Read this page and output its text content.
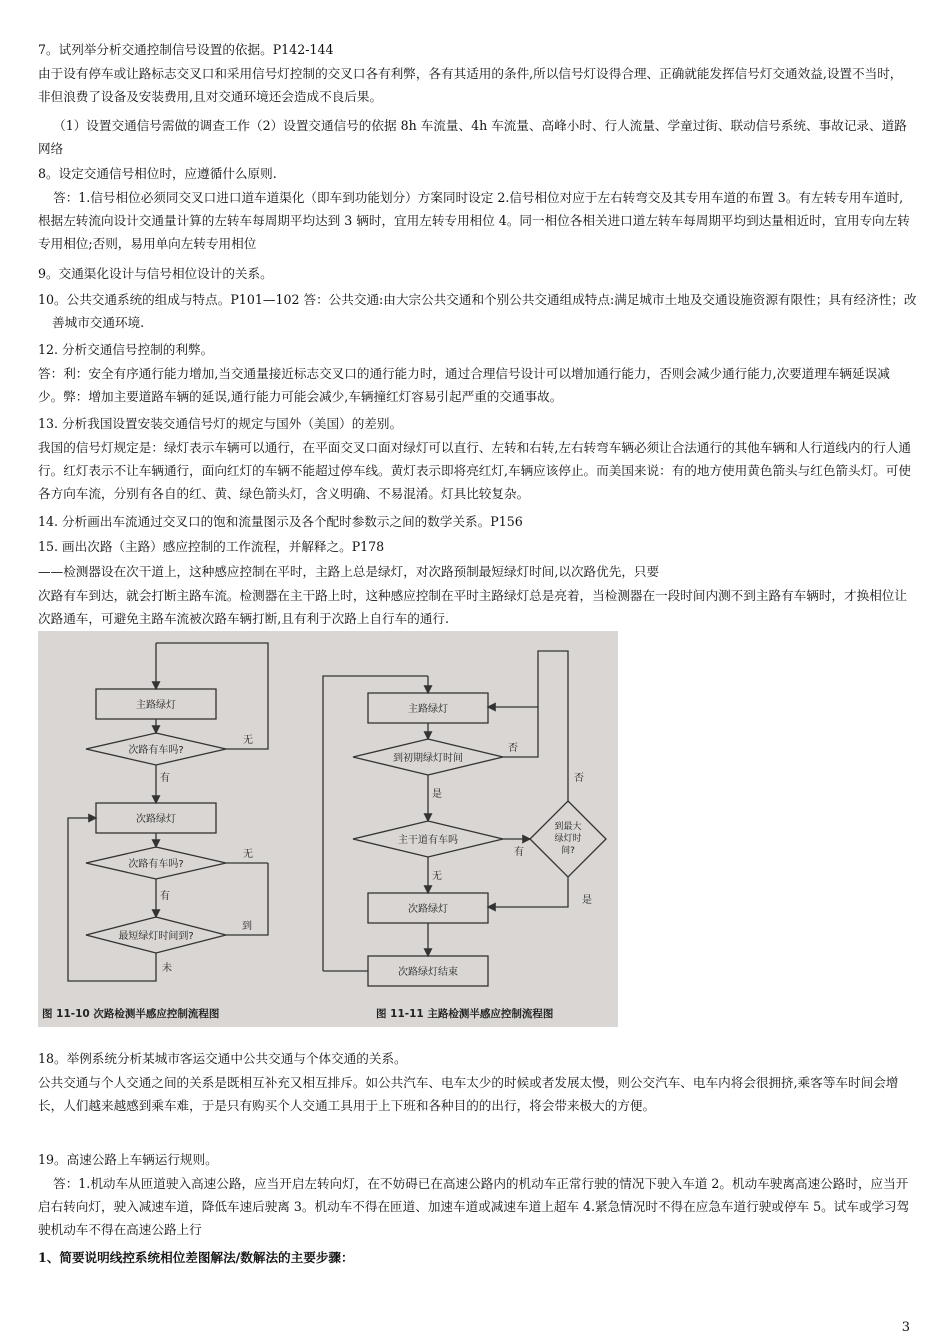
7。试列举分析交通控制信号设置的依据。P142-144

由于设有停车或让路标志交叉口和采用信号灯控制的交叉口各有利弊，各有其适用的条件,所以信号灯设得合理、正确就能发挥信号灯交通效益,设置不当时，非但浪费了设备及安装费用,且对交通环境还会造成不良后果。

（1）设置交通信号需做的调查工作（2）设置交通信号的依据 8h 车流量、4h 车流量、高峰小时、行人流量、学童过街、联动信号系统、事故记录、道路网络

8。设定交通信号相位时，应遵循什么原则.

答：1.信号相位必须同交叉口进口道车道渠化（即车到功能划分）方案同时设定 2.信号相位对应于左右转弯交及其专用车道的布置 3。有左转专用车道时,根据左转流向设计交通量计算的左转车每周期平均达到 3 辆时，宜用左转专用相位 4。同一相位各相关进口道左转车每周期平均到达量相近时，宜用专向左转专用相位;否则，易用单向左转专用相位

9。交通渠化设计与信号相位设计的关系。

10。公共交通系统的组成与特点。P101—102 答：公共交通:由大宗公共交通和个别公共交通组成特点:满足城市土地及交通设施资源有限性；具有经济性；改善城市交通环境.

12. 分析交通信号控制的利弊。

答：利：安全有序通行能力增加,当交通量接近标志交叉口的通行能力时，通过合理信号设计可以增加通行能力，否则会减少通行能力,次要道理车辆延误减少。弊：增加主要道路车辆的延误,通行能力可能会减少,车辆撞红灯容易引起严重的交通事故。

13. 分析我国设置安装交通信号灯的规定与国外（美国）的差别。

我国的信号灯规定是：绿灯表示车辆可以通行，在平面交叉口面对绿灯可以直行、左转和右转,左右转弯车辆必须让合法通行的其他车辆和人行道线内的行人通行。红灯表示不让车辆通行，面向红灯的车辆不能超过停车线。黄灯表示即将亮红灯,车辆应该停止。而美国来说：有的地方使用黄色箭头与红色箭头灯。可使各方向车流，分别有各自的红、黄、绿色箭头灯，含义明确、不易混淆。灯具比较复杂。

14. 分析画出车流通过交叉口的饱和流量图示及各个配时参数示之间的数学关系。P156

15. 画出次路（主路）感应控制的工作流程，并解释之。P178

——检测器设在次干道上，这种感应控制在平时，主路上总是绿灯，对次路预制最短绿灯时间,以次路优先，只要

次路有车到达，就会打断主路车流。检测器在主干路上时，这种感应控制在平时主路绿灯总是亮着，当检测器在一段时间内测不到主路有车辆时，才换相位让次路通车，可避免主路车流被次路车辆打断,且有利于次路上自行车的通行.

主路绿灯
次路有车吗?
无
有
次路绿灯
次路有车吗?
无
有
最短绿灯时间到?
到
未
主路绿灯
到初期绿灯时间
否
是
主干道有车吗
有
到最大
绿灯时
间?
否
是
无
次路绿灯
次路绿灯结束
图 11-10 次路检测半感应控制流程图	图 11-11 主路检测半感应控制流程图

18。举例系统分析某城市客运交通中公共交通与个体交通的关系。

公共交通与个人交通之间的关系是既相互补充又相互排斥。如公共汽车、电车太少的时候或者发展太慢，则公交汽车、电车内将会很拥挤,乘客等车时间会增长，人们越来越感到乘车难，于是只有购买个人交通工具用于上下班和各种目的的出行，将会带来极大的方便。

19。高速公路上车辆运行规则。

答：1.机动车从匝道驶入高速公路，应当开启左转向灯，在不妨碍已在高速公路内的机动车正常行驶的情况下驶入车道 2。机动车驶离高速公路时，应当开启右转向灯，驶入减速车道，降低车速后驶离 3。机动车不得在匝道、加速车道或减速车道上超车 4.紧急情况时不得在应急车道行驶或停车 5。试车或学习驾驶机动车不得在高速公路上行

1、简要说明线控系统相位差图解法/数解法的主要步骤：

3
